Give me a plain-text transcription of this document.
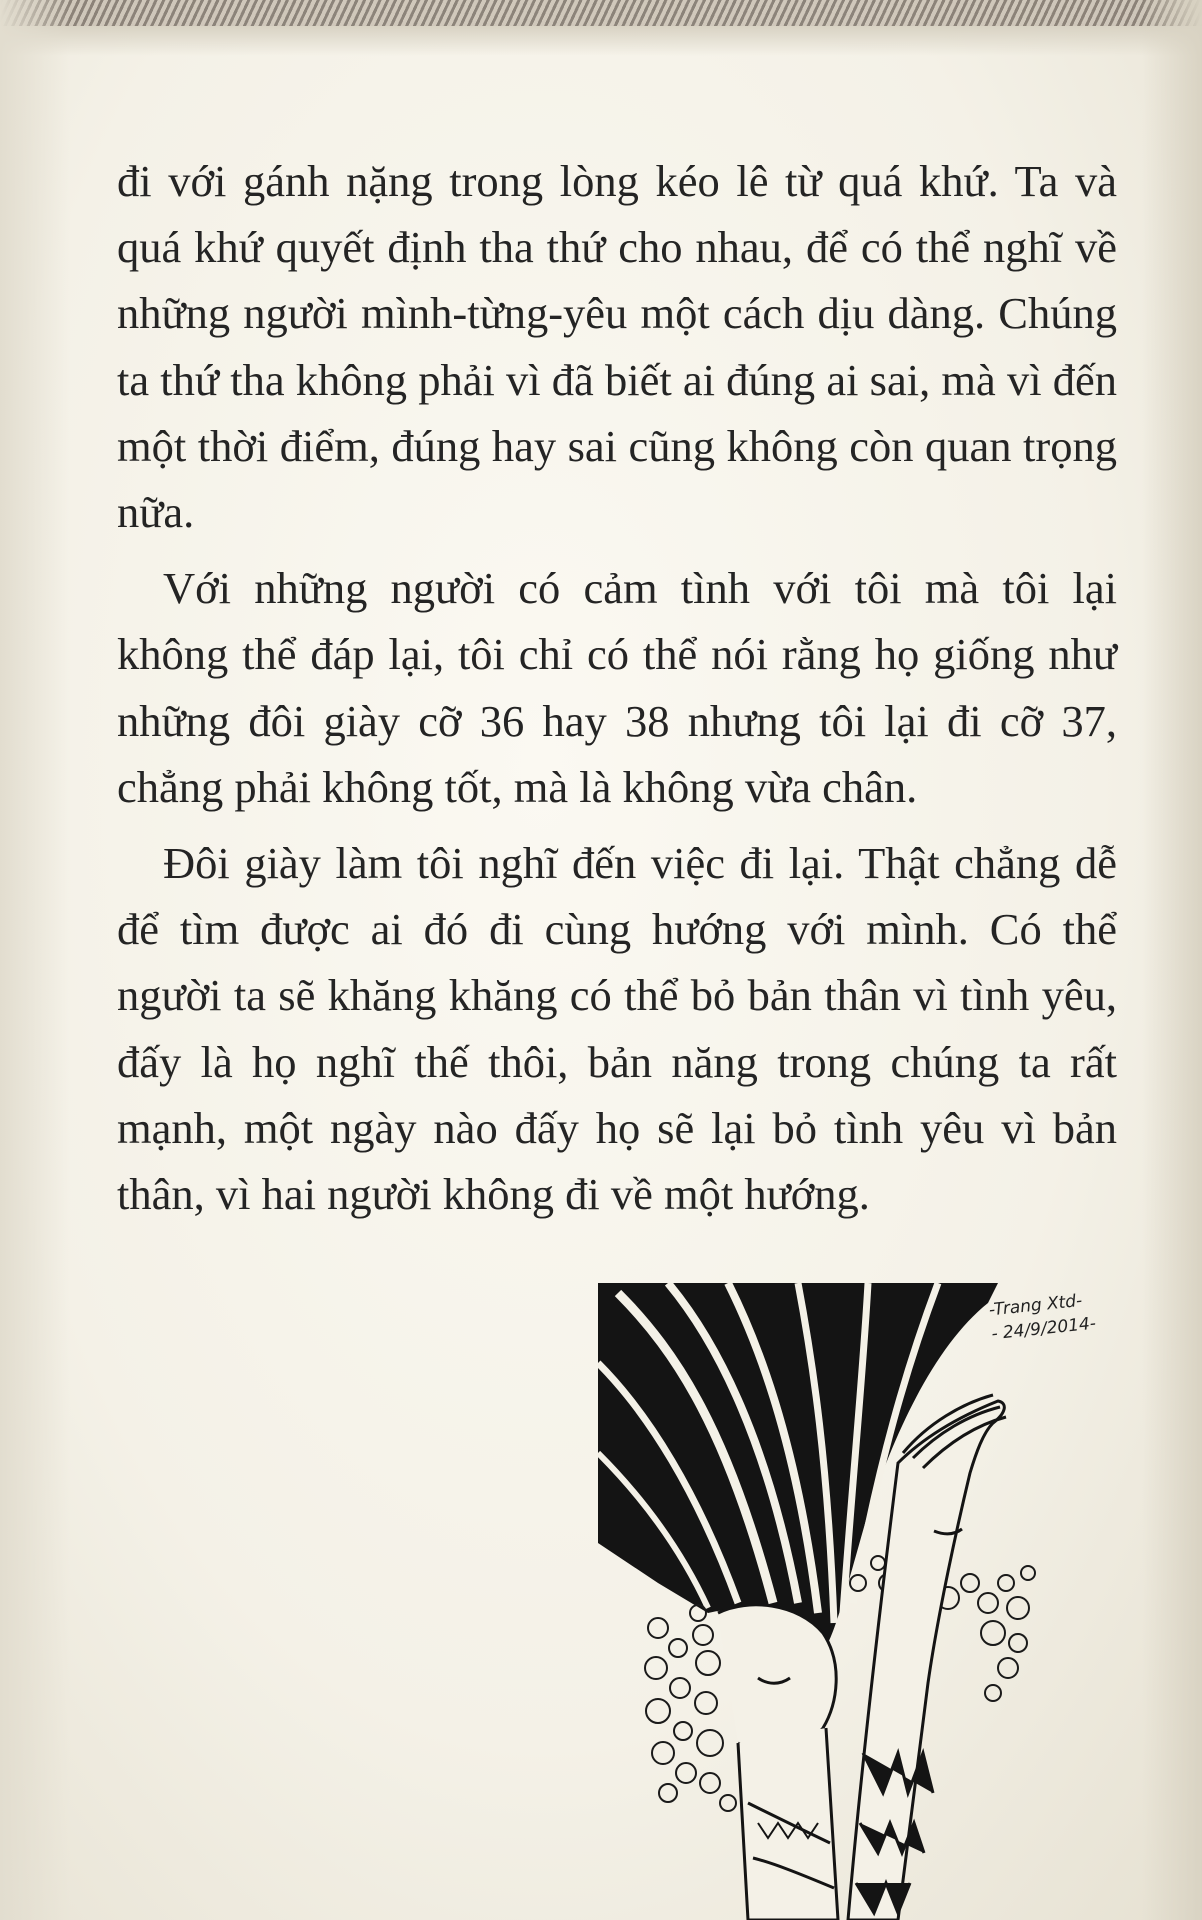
đi với gánh nặng trong lòng kéo lê từ quá khứ. Ta và quá khứ quyết định tha thứ cho nhau, để có thể nghĩ về những người mình-từng-yêu một cách dịu dàng. Chúng ta thứ tha không phải vì đã biết ai đúng ai sai, mà vì đến một thời điểm, đúng hay sai cũng không còn quan trọng nữa.

Với những người có cảm tình với tôi mà tôi lại không thể đáp lại, tôi chỉ có thể nói rằng họ giống như những đôi giày cỡ 36 hay 38 nhưng tôi lại đi cỡ 37, chẳng phải không tốt, mà là không vừa chân.

Đôi giày làm tôi nghĩ đến việc đi lại. Thật chẳng dễ để tìm được ai đó đi cùng hướng với mình. Có thể người ta sẽ khăng khăng có thể bỏ bản thân vì tình yêu, đấy là họ nghĩ thế thôi, bản năng trong chúng ta rất mạnh, một ngày nào đấy họ sẽ lại bỏ tình yêu vì bản thân, vì hai người không đi về một hướng.

-Trang Xtd-
- 24/9/2014-
